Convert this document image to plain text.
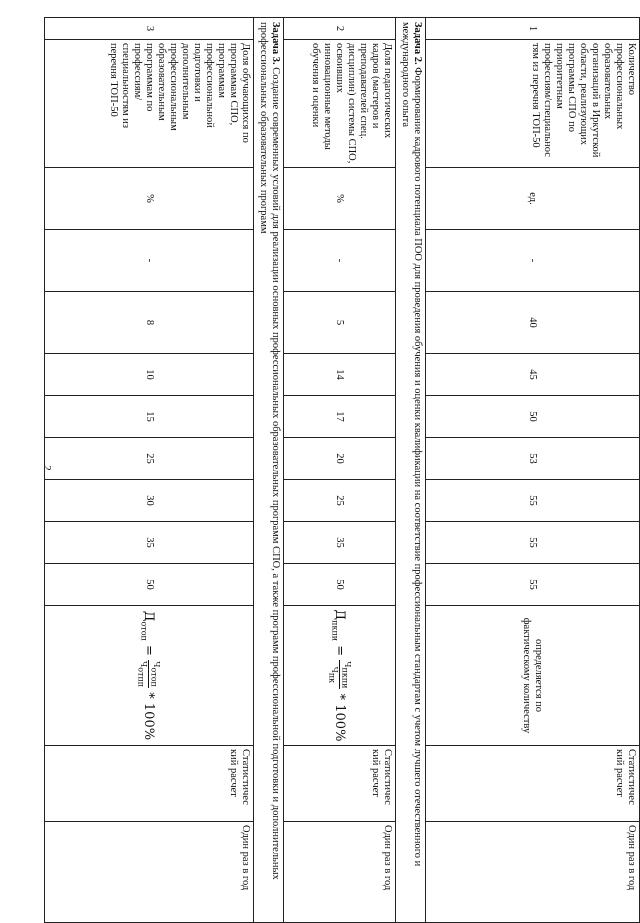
2
1	Количество профессиональных образовательных организаций в Иркутской области, реализующих программы СПО по приоритетным профессиям/специальнос тям из перечня ТОП-50	ед.	-	40	45	50	53	55	55	55	определяется по фактическому количеству	Статистичес кий расчет	Один раз в год
Задача 2. Формирование кадрового потенциала ПОО для проведения обучения и оценки квалификации на соответствие профессиональным стандартам с учетом лучшего отечественного и международного опыта													
2	Доля педагогических кадров (мастеров и преподавателей спец. дисциплин) системы СПО, освоивших инновационные методы обучения и оценки	%	-	5	14	17	20	25	35	50	$Д_{пкпи}$ =
$Ч_{пкпи}$
$Ч_{пк}$
* 100%	Статистичес кий расчет	Один раз в год
Задача 3. Создание современных условий для реализации основных профессиональных образовательных программ СПО, а также программ профессиональной подготовки и дополнительных профессиональных образовательных программ													
3	Доля обучающихся по программам СПО, программам профессиональной подготовки и дополнительным профессиональным образовательным программам по профессиям/ специальностям из перечня ТОП-50	%	-	8	10	15	25	30	35	50	$Д_{отоп}$ =
$Ч_{отоп}$
$Ч_{отпп}$
* 100%	Статистичес кий расчет	Один раз в год
